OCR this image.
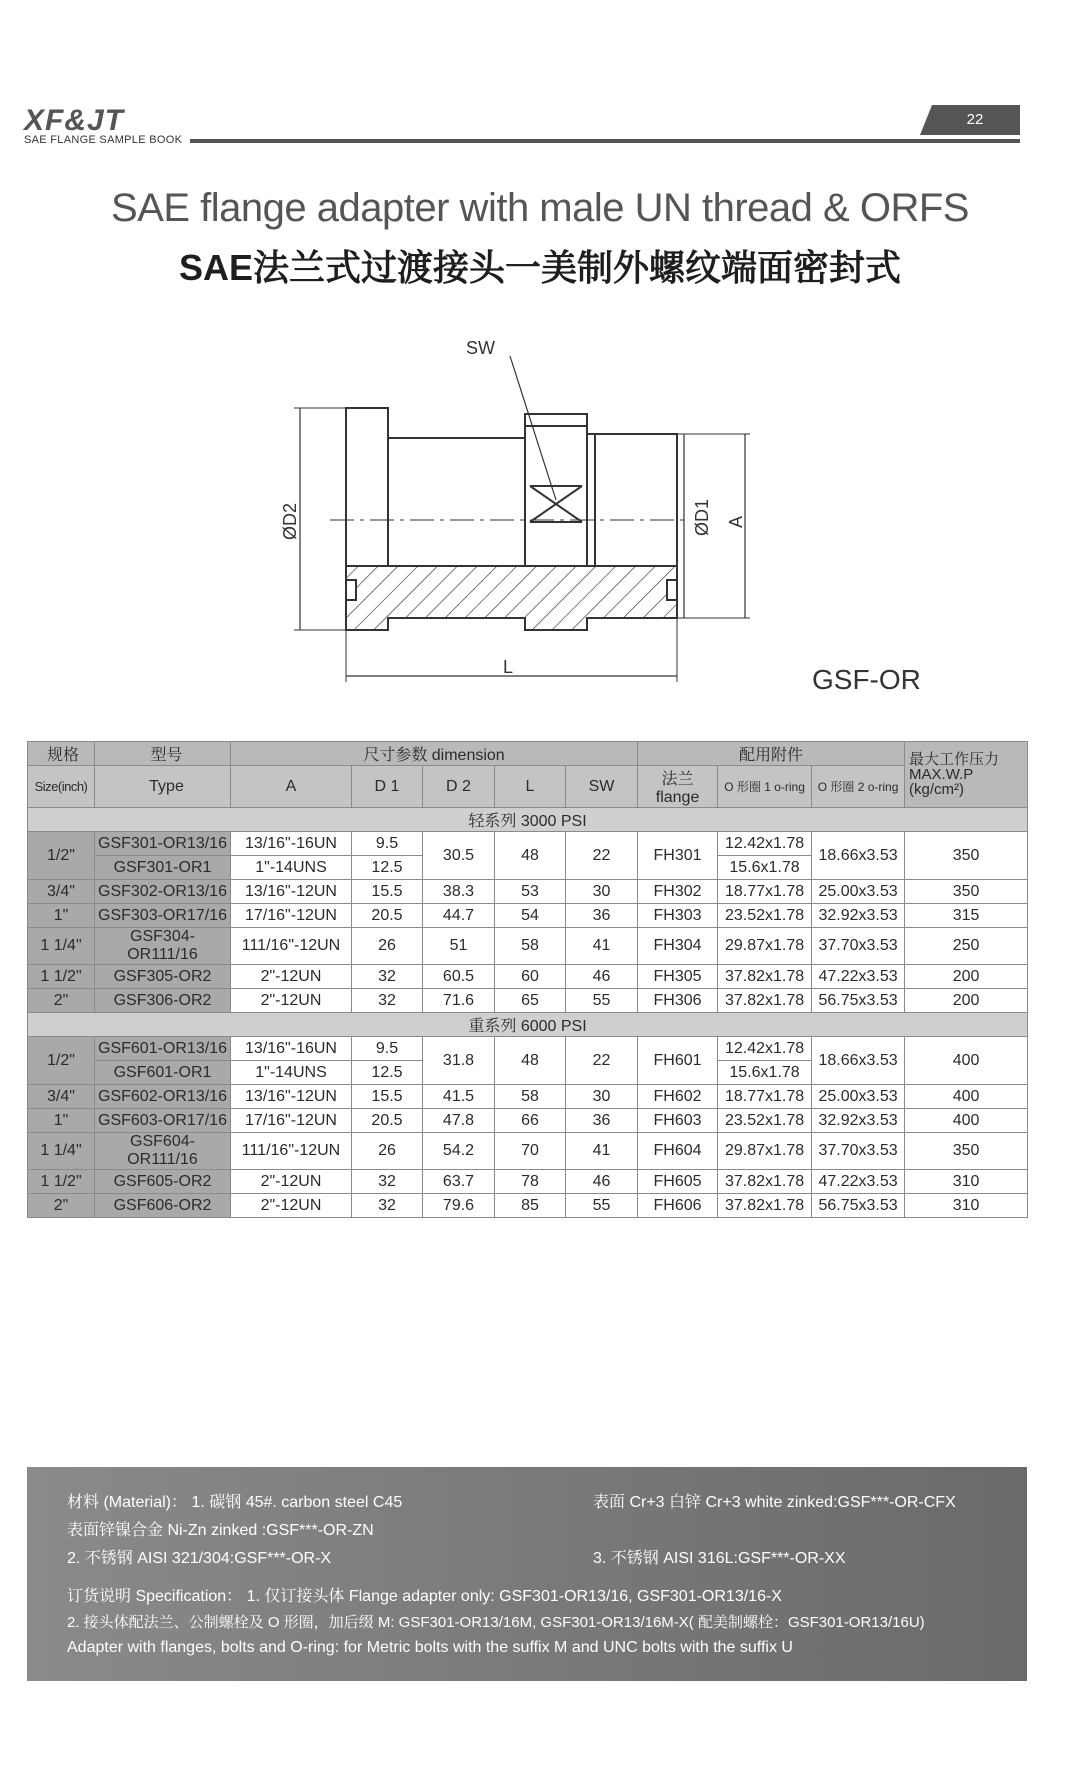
XF&JT
SAE FLANGE SAMPLE BOOK
22
SAE flange adapter with male UN thread & ORFS
SAE法兰式过渡接头一美制外螺纹端面密封式
SW
ØD2	ØD1 A
L	GSF-OR
规格	型号	尺寸参数 dimension					配用附件			最大工作压力
MAX.W.P
(kg/cm²)

Size(inch)	Type	A	D 1	D 2	L	SW	法兰 flange	O 形圈 1 o-ring	O 形圈 2 o-ring	
轻系列 3000 PSI										
1/2"	GSF301-OR13/16	13/16"-16UN	9.5	30.5	48	22	FH301	12.42x1.78	18.66x3.53	350
	GSF301-OR1	1"-14UNS	12.5					15.6x1.78		
3/4"	GSF302-OR13/16	13/16"-12UN	15.5	38.3	53	30	FH302	18.77x1.78	25.00x3.53	350
1"	GSF303-OR17/16	17/16"-12UN	20.5	44.7	54	36	FH303	23.52x1.78	32.92x3.53	315
1 1/4"	GSF304-OR111/16	111/16"-12UN	26	51	58	41	FH304	29.87x1.78	37.70x3.53	250
1 1/2"	GSF305-OR2	2"-12UN	32	60.5	60	46	FH305	37.82x1.78	47.22x3.53	200
2"	GSF306-OR2	2"-12UN	32	71.6	65	55	FH306	37.82x1.78	56.75x3.53	200
重系列 6000 PSI										
1/2"	GSF601-OR13/16	13/16"-16UN	9.5	31.8	48	22	FH601	12.42x1.78	18.66x3.53	400
	GSF601-OR1	1"-14UNS	12.5					15.6x1.78		
3/4"	GSF602-OR13/16	13/16"-12UN	15.5	41.5	58	30	FH602	18.77x1.78	25.00x3.53	400
1"	GSF603-OR17/16	17/16"-12UN	20.5	47.8	66	36	FH603	23.52x1.78	32.92x3.53	400
1 1/4"	GSF604-OR111/16	111/16"-12UN	26	54.2	70	41	FH604	29.87x1.78	37.70x3.53	350
1 1/2"	GSF605-OR2	2"-12UN	32	63.7	78	46	FH605	37.82x1.78	47.22x3.53	310
2"	GSF606-OR2	2"-12UN	32	79.6	85	55	FH606	37.82x1.78	56.75x3.53	310
材料 (Material)： 1. 碳钢 45#. carbon steel C45	表面 Cr+3 白锌 Cr+3 white zinked:GSF***-OR-CFX
表面锌镍合金 Ni-Zn zinked :GSF***-OR-ZN
2. 不锈钢 AISI 321/304:GSF***-OR-X	3. 不锈钢 AISI 316L:GSF***-OR-XX
订货说明 Specification： 1. 仅订接头体 Flange adapter only: GSF301-OR13/16, GSF301-OR13/16-X
2. 接头体配法兰、公制螺栓及 O 形圈，加后缀 M: GSF301-OR13/16M, GSF301-OR13/16M-X( 配美制螺栓：GSF301-OR13/16U)
Adapter with flanges, bolts and O-ring: for Metric bolts with the suffix M and UNC bolts with the suffix U
